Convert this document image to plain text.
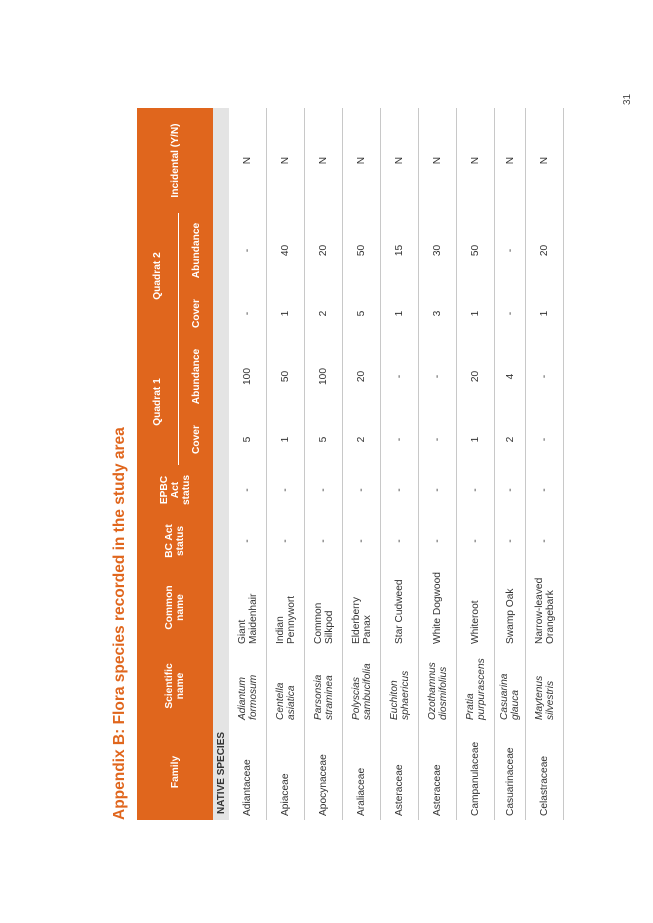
31
Appendix B: Flora species recorded in the study area	Family	Scientific name	Common name	BC Act status	EPBC Act status	Quadrat 1		Quadrat 2		Incidental (Y/N)
					Cover	Abundance	Cover	Abundance	
NATIVE SPECIES									
Adiantaceae	Adiantum formosum	Giant Maidenhair	-	-	5	100	-	-	N
Apiaceae	Centella asiatica	Indian Pennywort	-	-	1	50	1	40	N
Apocynaceae	Parsonsia straminea	Common Silkpod	-	-	5	100	2	20	N
Araliaceae	Polyscias sambucifolia	Elderberry Panax	-	-	2	20	5	50	N
Asteraceae	Euchiton sphaericus	Star Cudweed	-	-	-	-	1	15	N
Asteraceae	Ozothamnus diosmifolius	White Dogwood	-	-	-	-	3	30	N
Campanulaceae	Pratia purpurascens	Whiteroot	-	-	1	20	1	50	N
Casuarinaceae	Casuarina glauca	Swamp Oak	-	-	2	4	-	-	N
Celastraceae	Maytenus silvestris	Narrow-leaved Orangebark	-	-	-	-	1	20	N
